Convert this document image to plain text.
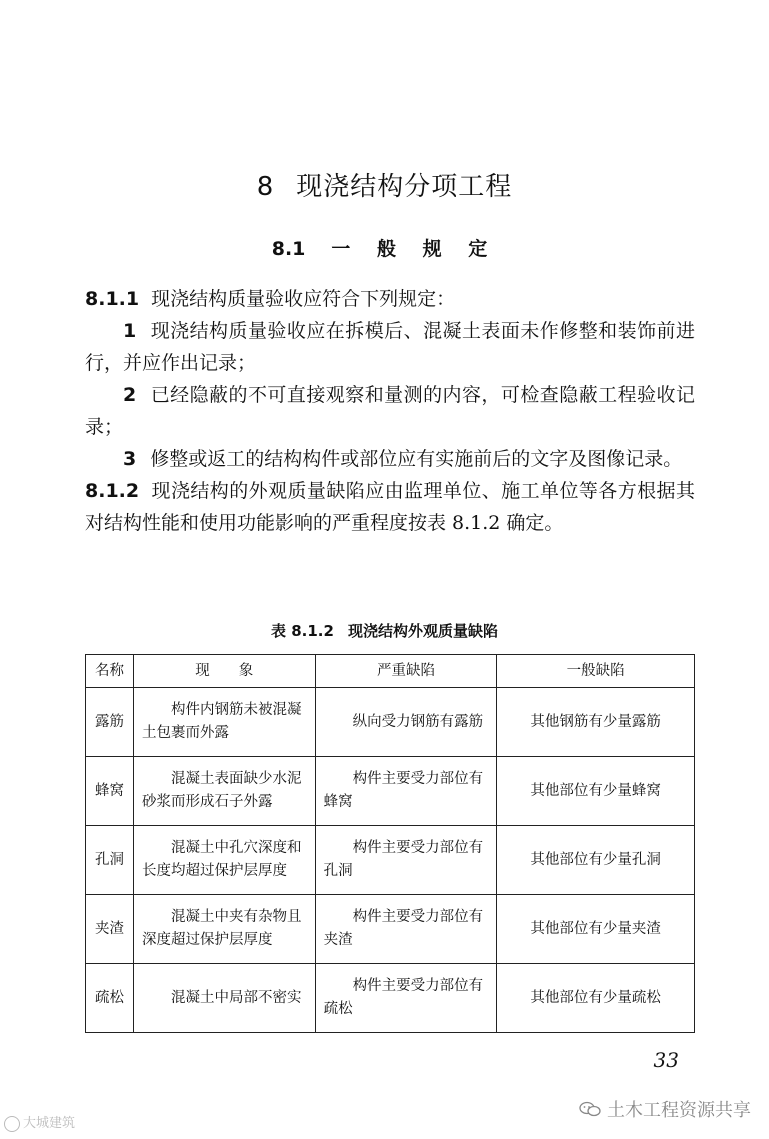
8 现浇结构分项工程
8.1 一 般 规 定

8.1.1 现浇结构质量验收应符合下列规定：

1 现浇结构质量验收应在拆模后、混凝土表面未作修整和装饰前进行，并应作出记录；

2 已经隐蔽的不可直接观察和量测的内容，可检查隐蔽工程验收记录；

3 修整或返工的结构构件或部位应有实施前后的文字及图像记录。

8.1.2 现浇结构的外观质量缺陷应由监理单位、施工单位等各方根据其对结构性能和使用功能影响的严重程度按表 8.1.2 确定。

表 8.1.2 现浇结构外观质量缺陷
名称	现　　象	严重缺陷	一般缺陷
露筋	构件内钢筋未被混凝土包裹而外露	纵向受力钢筋有露筋	其他钢筋有少量露筋
蜂窝	混凝土表面缺少水泥砂浆而形成石子外露	构件主要受力部位有蜂窝	其他部位有少量蜂窝
孔洞	混凝土中孔穴深度和长度均超过保护层厚度	构件主要受力部位有孔洞	其他部位有少量孔洞
夹渣	混凝土中夹有杂物且深度超过保护层厚度	构件主要受力部位有夹渣	其他部位有少量夹渣
疏松	混凝土中局部不密实	构件主要受力部位有疏松	其他部位有少量疏松
33
大城建筑
土木工程资源共享
